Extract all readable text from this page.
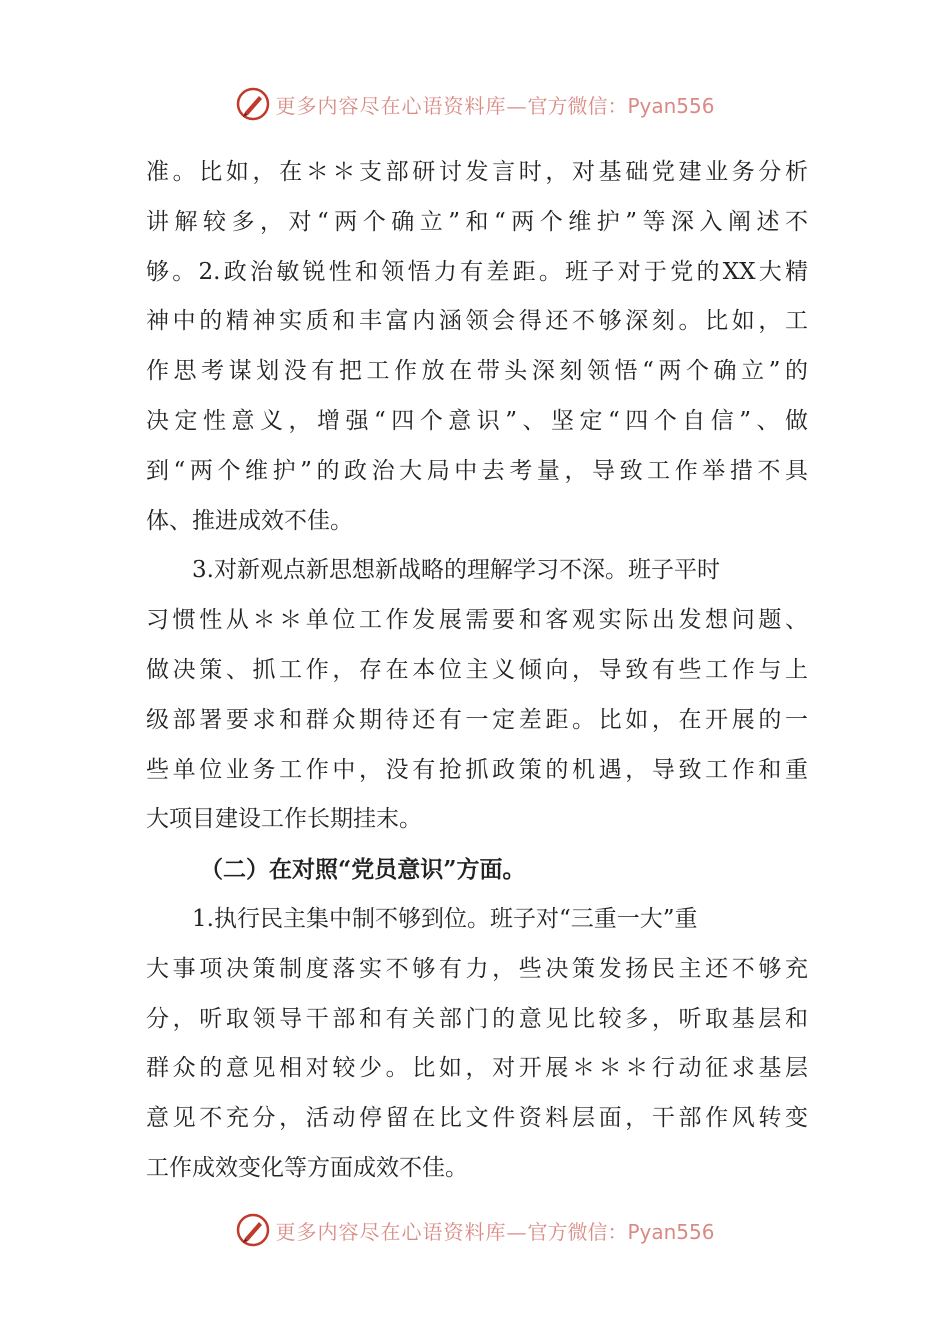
更多内容尽在心语资料库—官方微信：Pyan556
准。比如，在＊＊支部研讨发言时，对基础党建业务分析
讲解较多，对“两个确立”和“两个维护”等深入阐述不
够。2.政治敏锐性和领悟力有差距。班子对于党的XX大精
神中的精神实质和丰富内涵领会得还不够深刻。比如，工
作思考谋划没有把工作放在带头深刻领悟“两个确立”的
决定性意义，增强“四个意识”、坚定“四个自信”、做
到“两个维护”的政治大局中去考量，导致工作举措不具
体、推进成效不佳。
3.对新观点新思想新战略的理解学习不深。班子平时
习惯性从＊＊单位工作发展需要和客观实际出发想问题、
做决策、抓工作，存在本位主义倾向，导致有些工作与上
级部署要求和群众期待还有一定差距。比如，在开展的一
些单位业务工作中，没有抢抓政策的机遇，导致工作和重
大项目建设工作长期挂末。
（二）在对照“党员意识”方面。
1.执行民主集中制不够到位。班子对“三重一大”重
大事项决策制度落实不够有力，些决策发扬民主还不够充
分，听取领导干部和有关部门的意见比较多，听取基层和
群众的意见相对较少。比如，对开展＊＊＊行动征求基层
意见不充分，活动停留在比文件资料层面，干部作风转变
工作成效变化等方面成效不佳。
更多内容尽在心语资料库—官方微信：Pyan556
